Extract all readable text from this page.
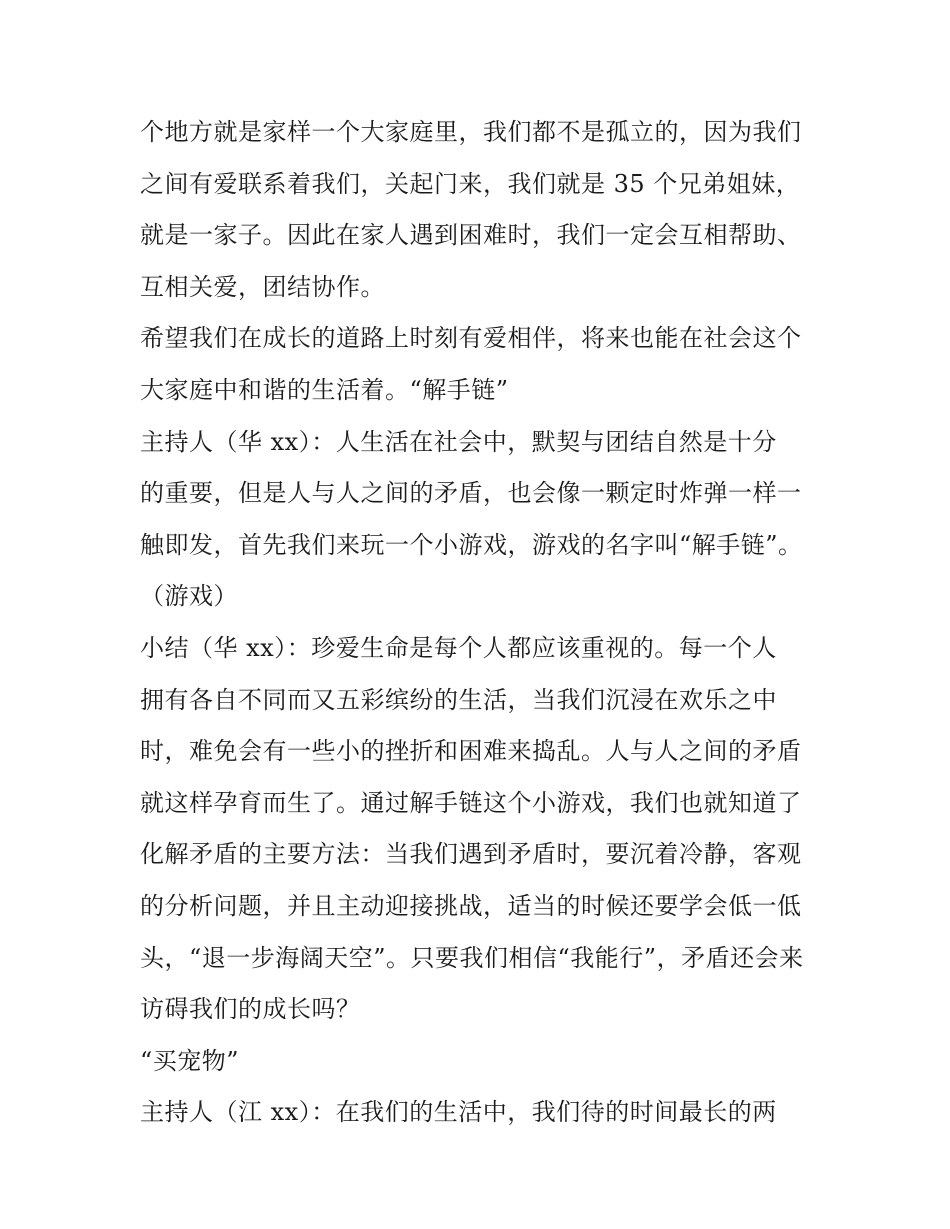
个地方就是家样一个大家庭里，我们都不是孤立的，因为我们
之间有爱联系着我们，关起门来，我们就是 35 个兄弟姐妹，
就是一家子。因此在家人遇到困难时，我们一定会互相帮助、
互相关爱，团结协作。
希望我们在成长的道路上时刻有爱相伴，将来也能在社会这个
大家庭中和谐的生活着。“解手链”
主持人（华 xx）：人生活在社会中，默契与团结自然是十分
的重要，但是人与人之间的矛盾，也会像一颗定时炸弹一样一
触即发，首先我们来玩一个小游戏，游戏的名字叫“解手链”。
（游戏）
小结（华 xx）：珍爱生命是每个人都应该重视的。每一个人
拥有各自不同而又五彩缤纷的生活，当我们沉浸在欢乐之中
时，难免会有一些小的挫折和困难来捣乱。人与人之间的矛盾
就这样孕育而生了。通过解手链这个小游戏，我们也就知道了
化解矛盾的主要方法：当我们遇到矛盾时，要沉着冷静，客观
的分析问题，并且主动迎接挑战，适当的时候还要学会低一低
头，“退一步海阔天空”。只要我们相信“我能行”，矛盾还会来
访碍我们的成长吗？
“买宠物”
主持人（江 xx）：在我们的生活中，我们待的时间最长的两
